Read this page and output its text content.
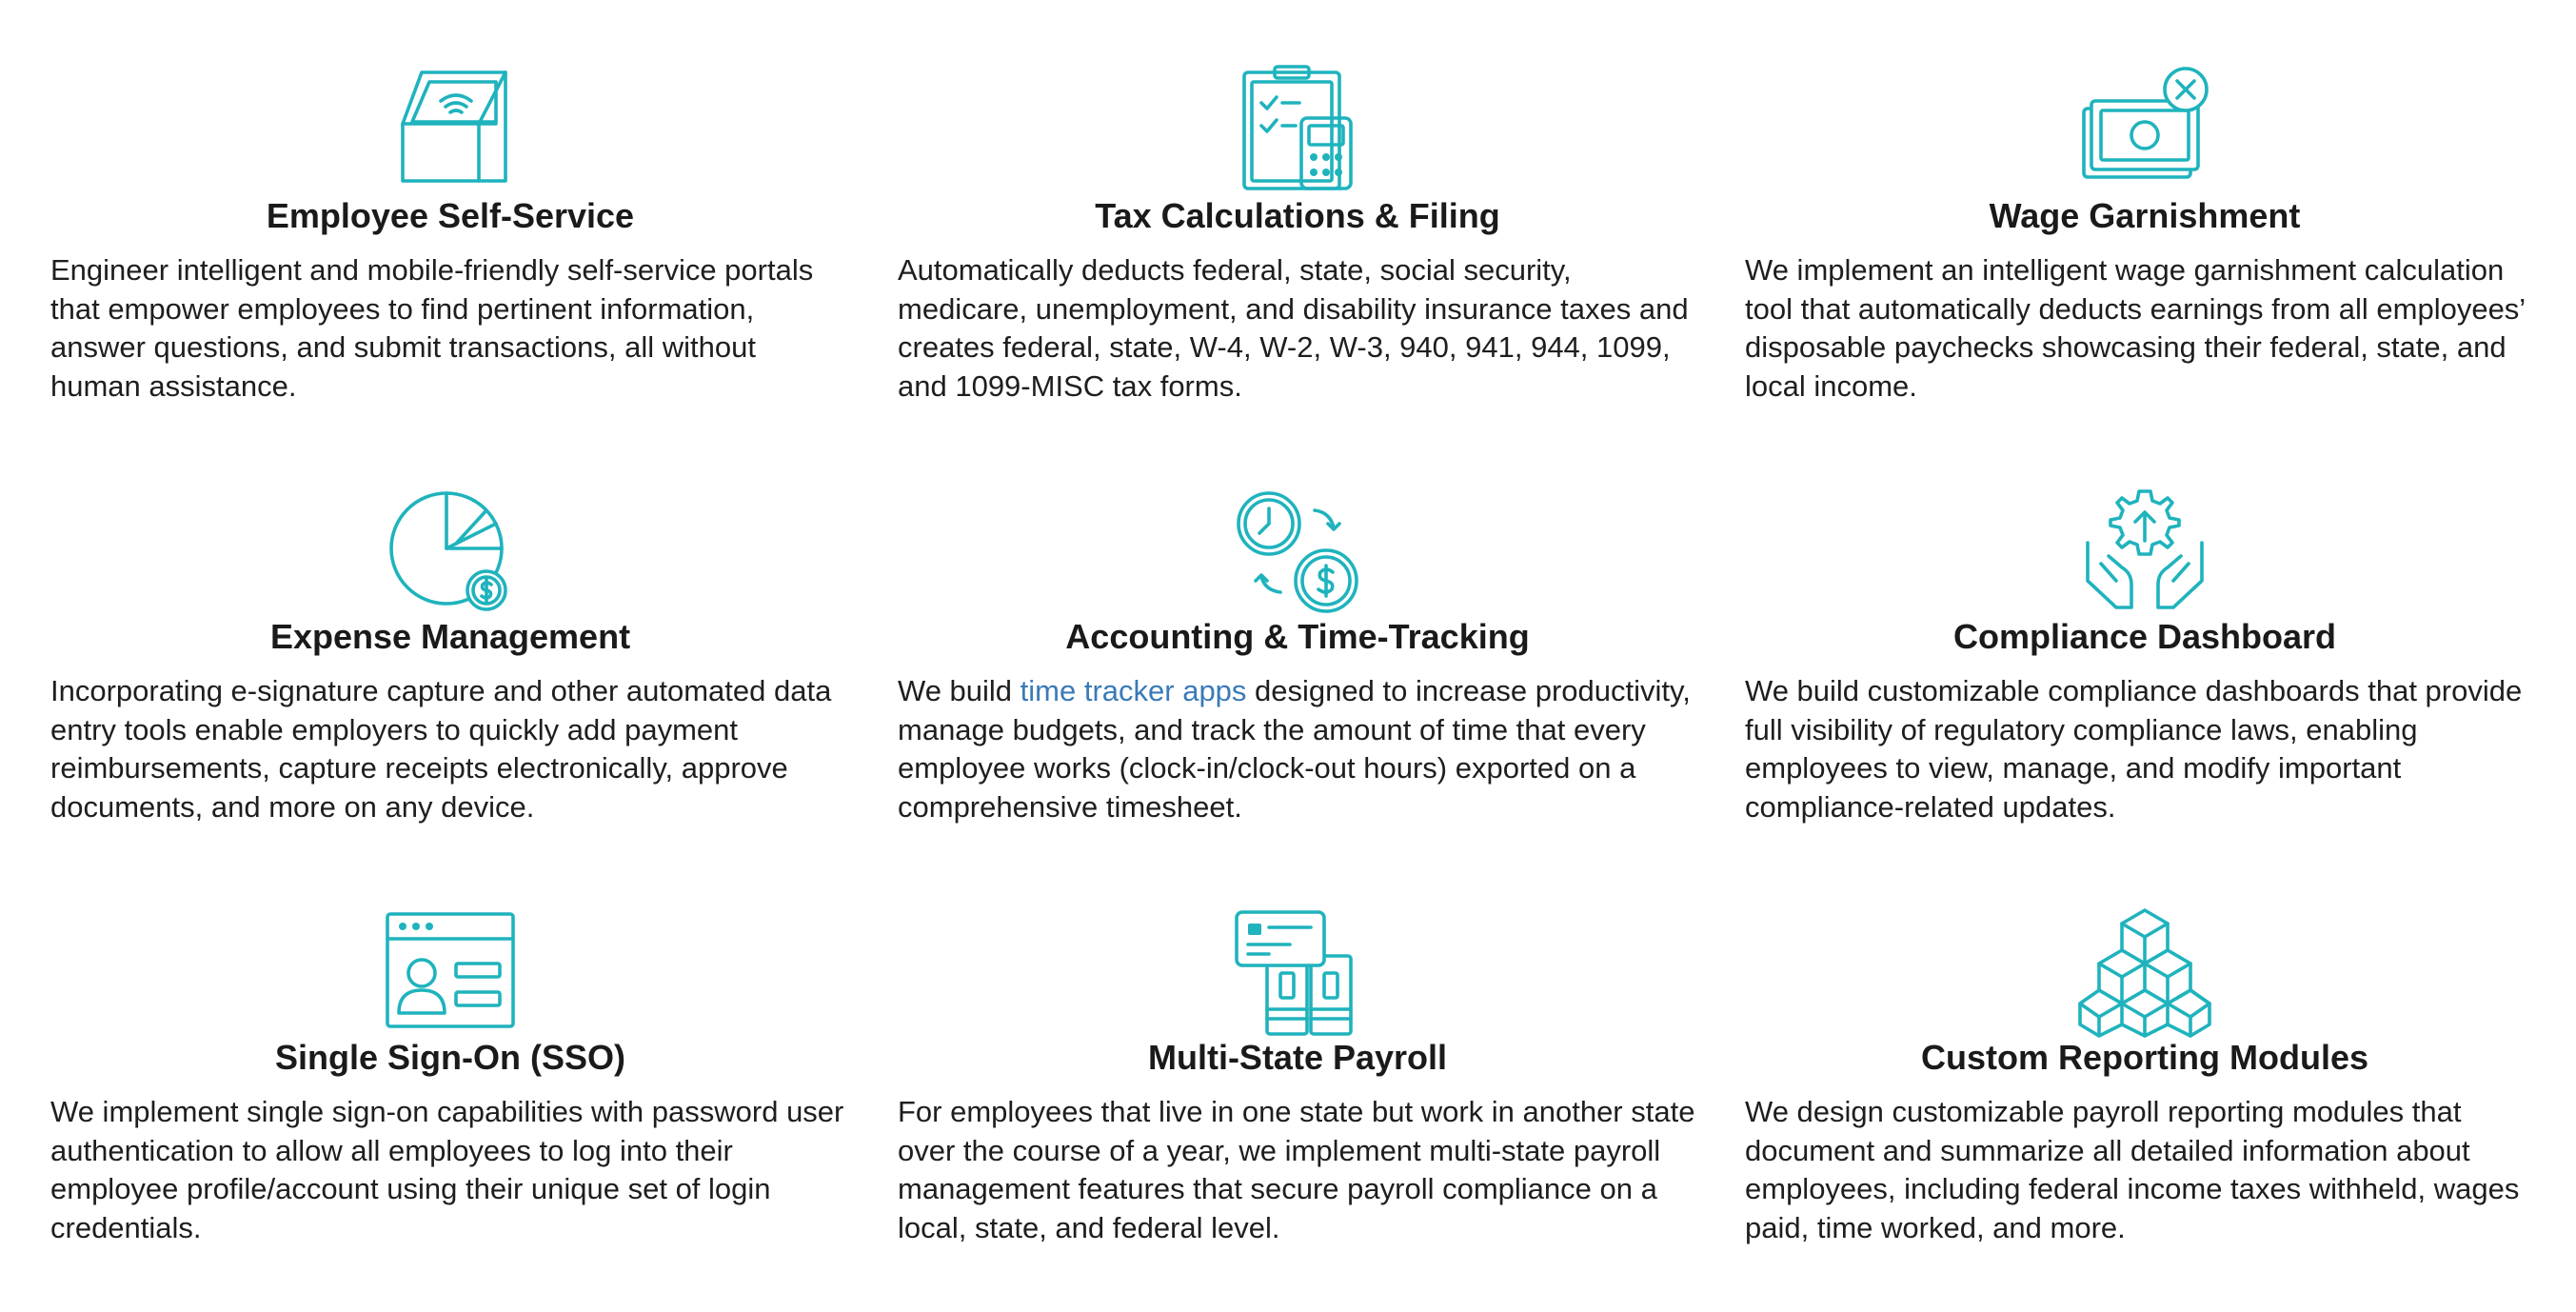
Employee Self-Service

Engineer intelligent and mobile-friendly self-service portals that empower employees to find pertinent information, answer questions, and submit transactions, all without human assistance.

Tax Calculations & Filing

Automatically deducts federal, state, social security, medicare, unemployment, and disability insurance taxes and creates federal, state, W-4, W-2, W-3, 940, 941, 944, 1099, and 1099-MISC tax forms.

Wage Garnishment

We implement an intelligent wage garnishment calculation tool that automatically deducts earnings from all employees’ disposable paychecks showcasing their federal, state, and local income.

Expense Management

Incorporating e-signature capture and other automated data entry tools enable employers to quickly add payment reimbursements, capture receipts electronically, approve documents, and more on any device.

Accounting & Time-Tracking

We build time tracker apps designed to increase productivity, manage budgets, and track the amount of time that every employee works (clock-in/clock-out hours) exported on a comprehensive timesheet.

Compliance Dashboard

We build customizable compliance dashboards that provide full visibility of regulatory compliance laws, enabling employees to view, manage, and modify important compliance-related updates.

Single Sign-On (SSO)

We implement single sign-on capabilities with password user authentication to allow all employees to log into their employee profile/account using their unique set of login credentials.

Multi-State Payroll

For employees that live in one state but work in another state over the course of a year, we implement multi-state payroll management features that secure payroll compliance on a local, state, and federal level.

Custom Reporting Modules

We design customizable payroll reporting modules that document and summarize all detailed information about employees, including federal income taxes withheld, wages paid, time worked, and more.
